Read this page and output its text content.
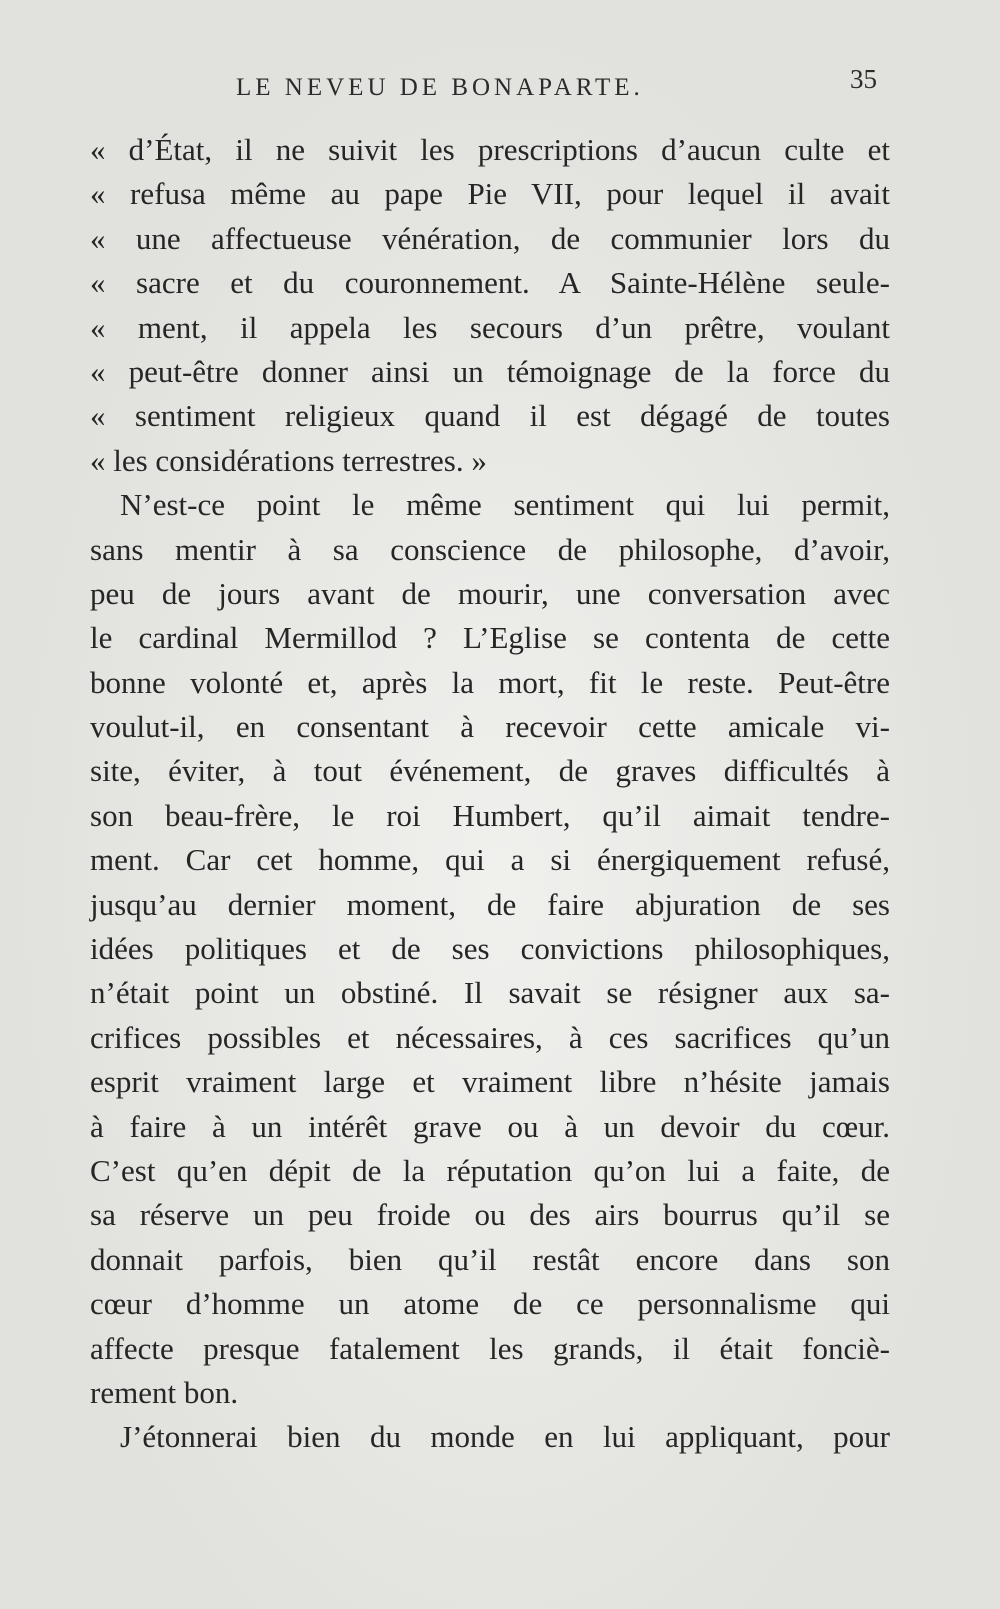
LE NEVEU DE BONAPARTE.	35
« d’État, il ne suivit les prescriptions d’aucun culte et
« refusa même au pape Pie VII, pour lequel il avait
« une affectueuse vénération, de communier lors du
« sacre et du couronnement. A Sainte-Hélène seule-
« ment, il appela les secours d’un prêtre, voulant
« peut-être donner ainsi un témoignage de la force du
« sentiment religieux quand il est dégagé de toutes
« les considérations terrestres. »
N’est-ce point le même sentiment qui lui permit,
sans mentir à sa conscience de philosophe, d’avoir,
peu de jours avant de mourir, une conversation avec
le cardinal Mermillod ? L’Eglise se contenta de cette
bonne volonté et, après la mort, fit le reste. Peut-être
voulut-il, en consentant à recevoir cette amicale vi-
site, éviter, à tout événement, de graves difficultés à
son beau-frère, le roi Humbert, qu’il aimait tendre-
ment. Car cet homme, qui a si énergiquement refusé,
jusqu’au dernier moment, de faire abjuration de ses
idées politiques et de ses convictions philosophiques,
n’était point un obstiné. Il savait se résigner aux sa-
crifices possibles et nécessaires, à ces sacrifices qu’un
esprit vraiment large et vraiment libre n’hésite jamais
à faire à un intérêt grave ou à un devoir du cœur.
C’est qu’en dépit de la réputation qu’on lui a faite, de
sa réserve un peu froide ou des airs bourrus qu’il se
donnait parfois, bien qu’il restât encore dans son
cœur d’homme un atome de ce personnalisme qui
affecte presque fatalement les grands, il était fonciè-
rement bon.
J’étonnerai bien du monde en lui appliquant, pour
